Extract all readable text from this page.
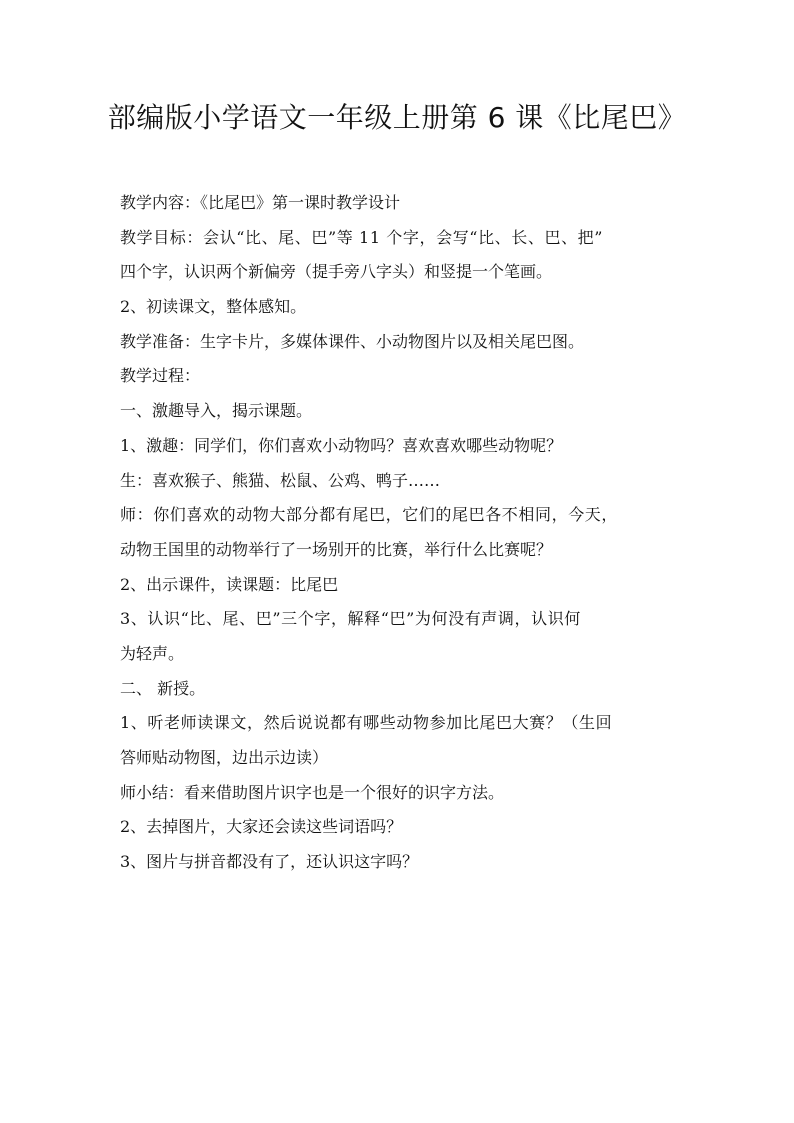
部编版小学语文一年级上册第 6 课《比尾巴》
教学内容：《比尾巴》第一课时教学设计
教学目标：会认“比、尾、巴”等 11 个字，会写“比、长、巴、把”
四个字，认识两个新偏旁（提手旁八字头）和竖提一个笔画。
2、初读课文，整体感知。
教学准备：生字卡片，多媒体课件、小动物图片以及相关尾巴图。
教学过程：
一、激趣导入，揭示课题。
1、激趣：同学们，你们喜欢小动物吗？喜欢喜欢哪些动物呢？
生：喜欢猴子、熊猫、松鼠、公鸡、鸭子……
师：你们喜欢的动物大部分都有尾巴，它们的尾巴各不相同，今天，
动物王国里的动物举行了一场别开的比赛，举行什么比赛呢？
2、出示课件，读课题：比尾巴
3、认识“比、尾、巴”三个字，解释“巴”为何没有声调，认识何
为轻声。
二、 新授。
1、听老师读课文，然后说说都有哪些动物参加比尾巴大赛？（生回
答师贴动物图，边出示边读）
师小结：看来借助图片识字也是一个很好的识字方法。
2、去掉图片，大家还会读这些词语吗？
3、图片与拼音都没有了，还认识这字吗？
